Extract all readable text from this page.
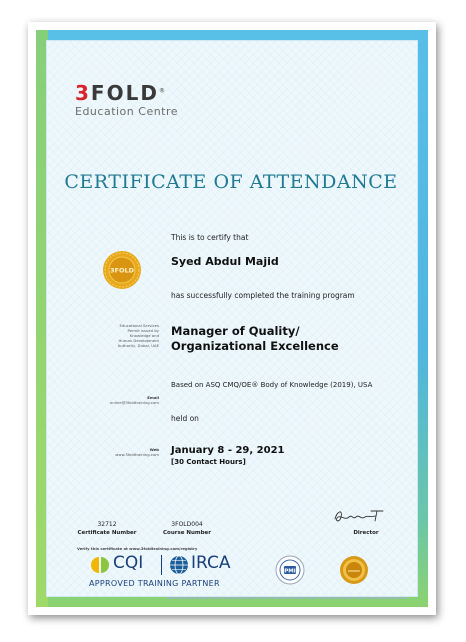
3FOLD®
Education Centre
CERTIFICATE OF ATTENDANCE
This is to certify that
Syed Abdul Majid
3FOLD
has successfully completed the training program
Educational Services
Permit issued by
Knowledge and
Human Development
Authority, Dubai, UAE
Manager of Quality/
Organizational Excellence
Based on ASQ CMQ/OE® Body of Knowledge (2019), USA
Email
online@3foldtraining.com
held on
Web
www.3foldtraining.com January 8 - 29, 2021
[30 Contact Hours]
32712
Certificate Number
3FOLD004
Course Number	Director
Verify this certificate at www.3foldtraining.com/registry
CQI	IRCA
APPROVED TRAINING PARTNER
PMI
